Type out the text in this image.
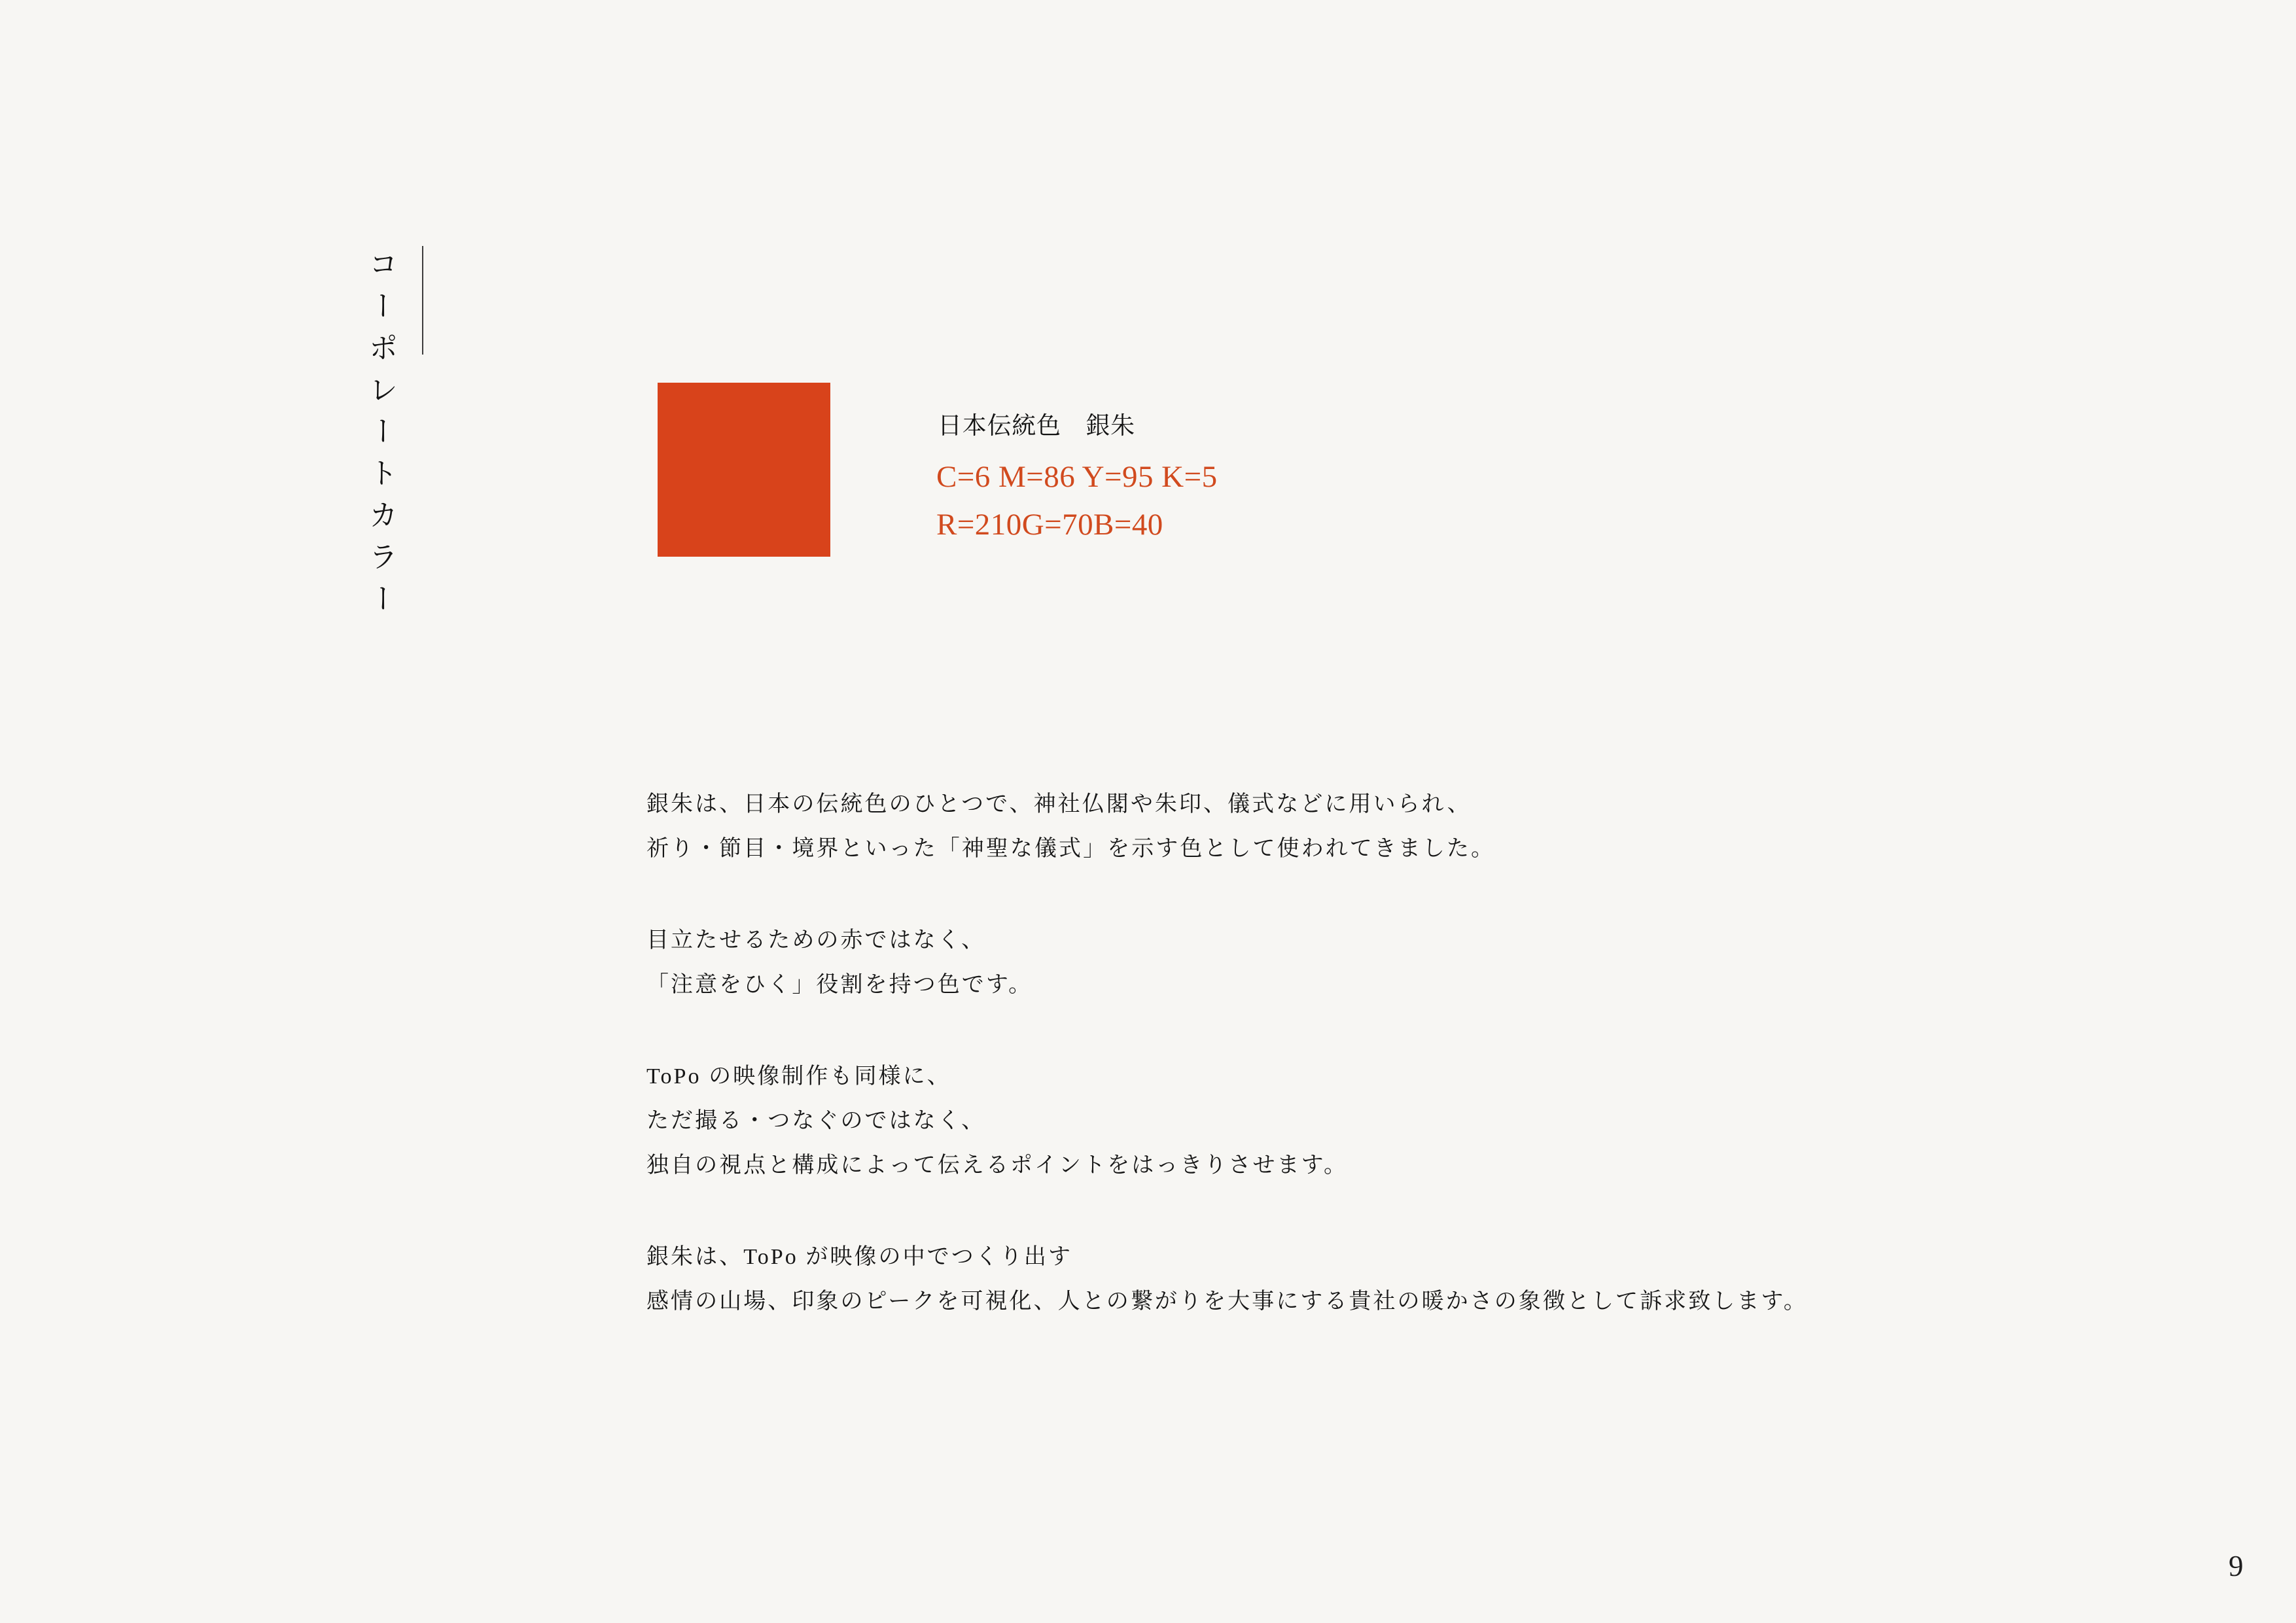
コーポレートカラー	日本伝統色　銀朱
C=6 M=86 Y=95 K=5
R=210G=70B=40
銀朱は、日本の伝統色のひとつで、神社仏閣や朱印、儀式などに用いられ、
祈り・節目・境界といった「神聖な儀式」を示す色として使われてきました。
目立たせるための赤ではなく、
「注意をひく」役割を持つ色です。
ToPo の映像制作も同様に、
ただ撮る・つなぐのではなく、
独自の視点と構成によって伝えるポイントをはっきりさせます。
銀朱は、ToPo が映像の中でつくり出す
感情の山場、印象のピークを可視化、人との繋がりを大事にする貴社の暖かさの象徴として訴求致します。
9
